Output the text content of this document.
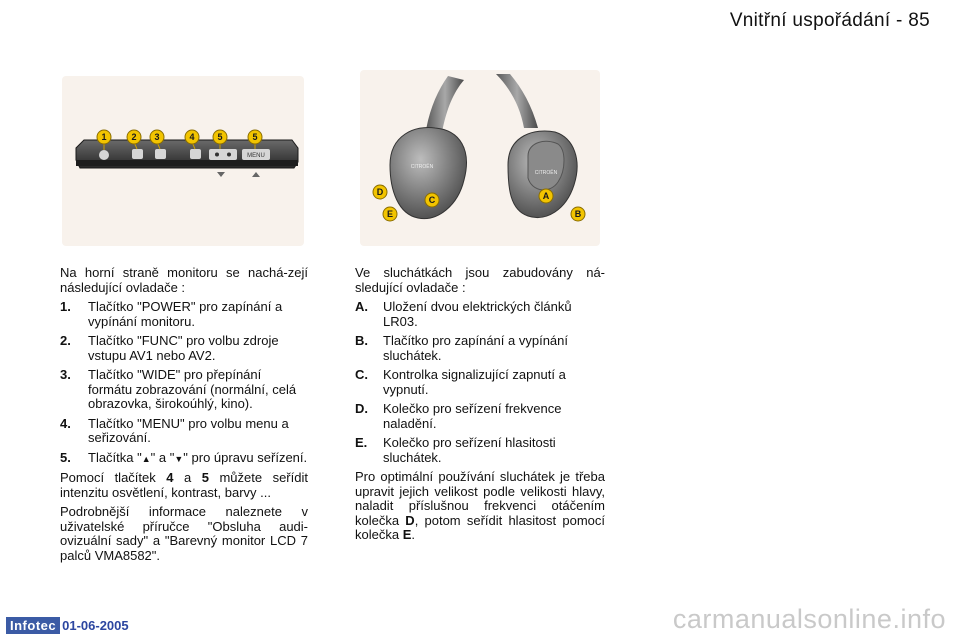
Vnitřní uspořádání - 85
MENU
1	2 3	4	5	5
CITROËN
CITROËN
D
E
C	A
B

Na horní straně monitoru se nachá-zejí následující ovladače :

1.	Tlačítko "POWER" pro zapínání a vypínání monitoru.
2.	Tlačítko "FUNC" pro volbu zdroje vstupu AV1 nebo AV2.
3.	Tlačítko "WIDE" pro přepínání formátu zobrazování (normální, celá obrazovka, širokoúhlý, kino).
4.	Tlačítko "MENU" pro volbu menu a seřizování.
5.	Tlačítka "▲" a "▼" pro úpravu seřízení.

Pomocí tlačítek 4 a 5 můžete seřídit intenzitu osvětlení, kontrast, barvy ...

Podrobnější informace naleznete v uživatelské příručce "Obsluha audi-ovizuální sady" a "Barevný monitor LCD 7 palců VMA8582".

Ve sluchátkách jsou zabudovány ná-sledující ovladače :

A.	Uložení dvou elektrických článků LR03.
B.	Tlačítko pro zapínání a vypínání sluchátek.
C.	Kontrolka signalizující zapnutí a vypnutí.
D.	Kolečko pro seřízení frekvence naladění.
E.	Kolečko pro seřízení hlasitosti sluchátek.

Pro optimální používání sluchátek je třeba upravit jejich velikost podle velikosti hlavy, naladit příslušnou frekvenci otáčením kolečka D, potom seřídit hlasitost pomocí kolečka E.

Infotec 01-06-2005	carmanualsonline.info
